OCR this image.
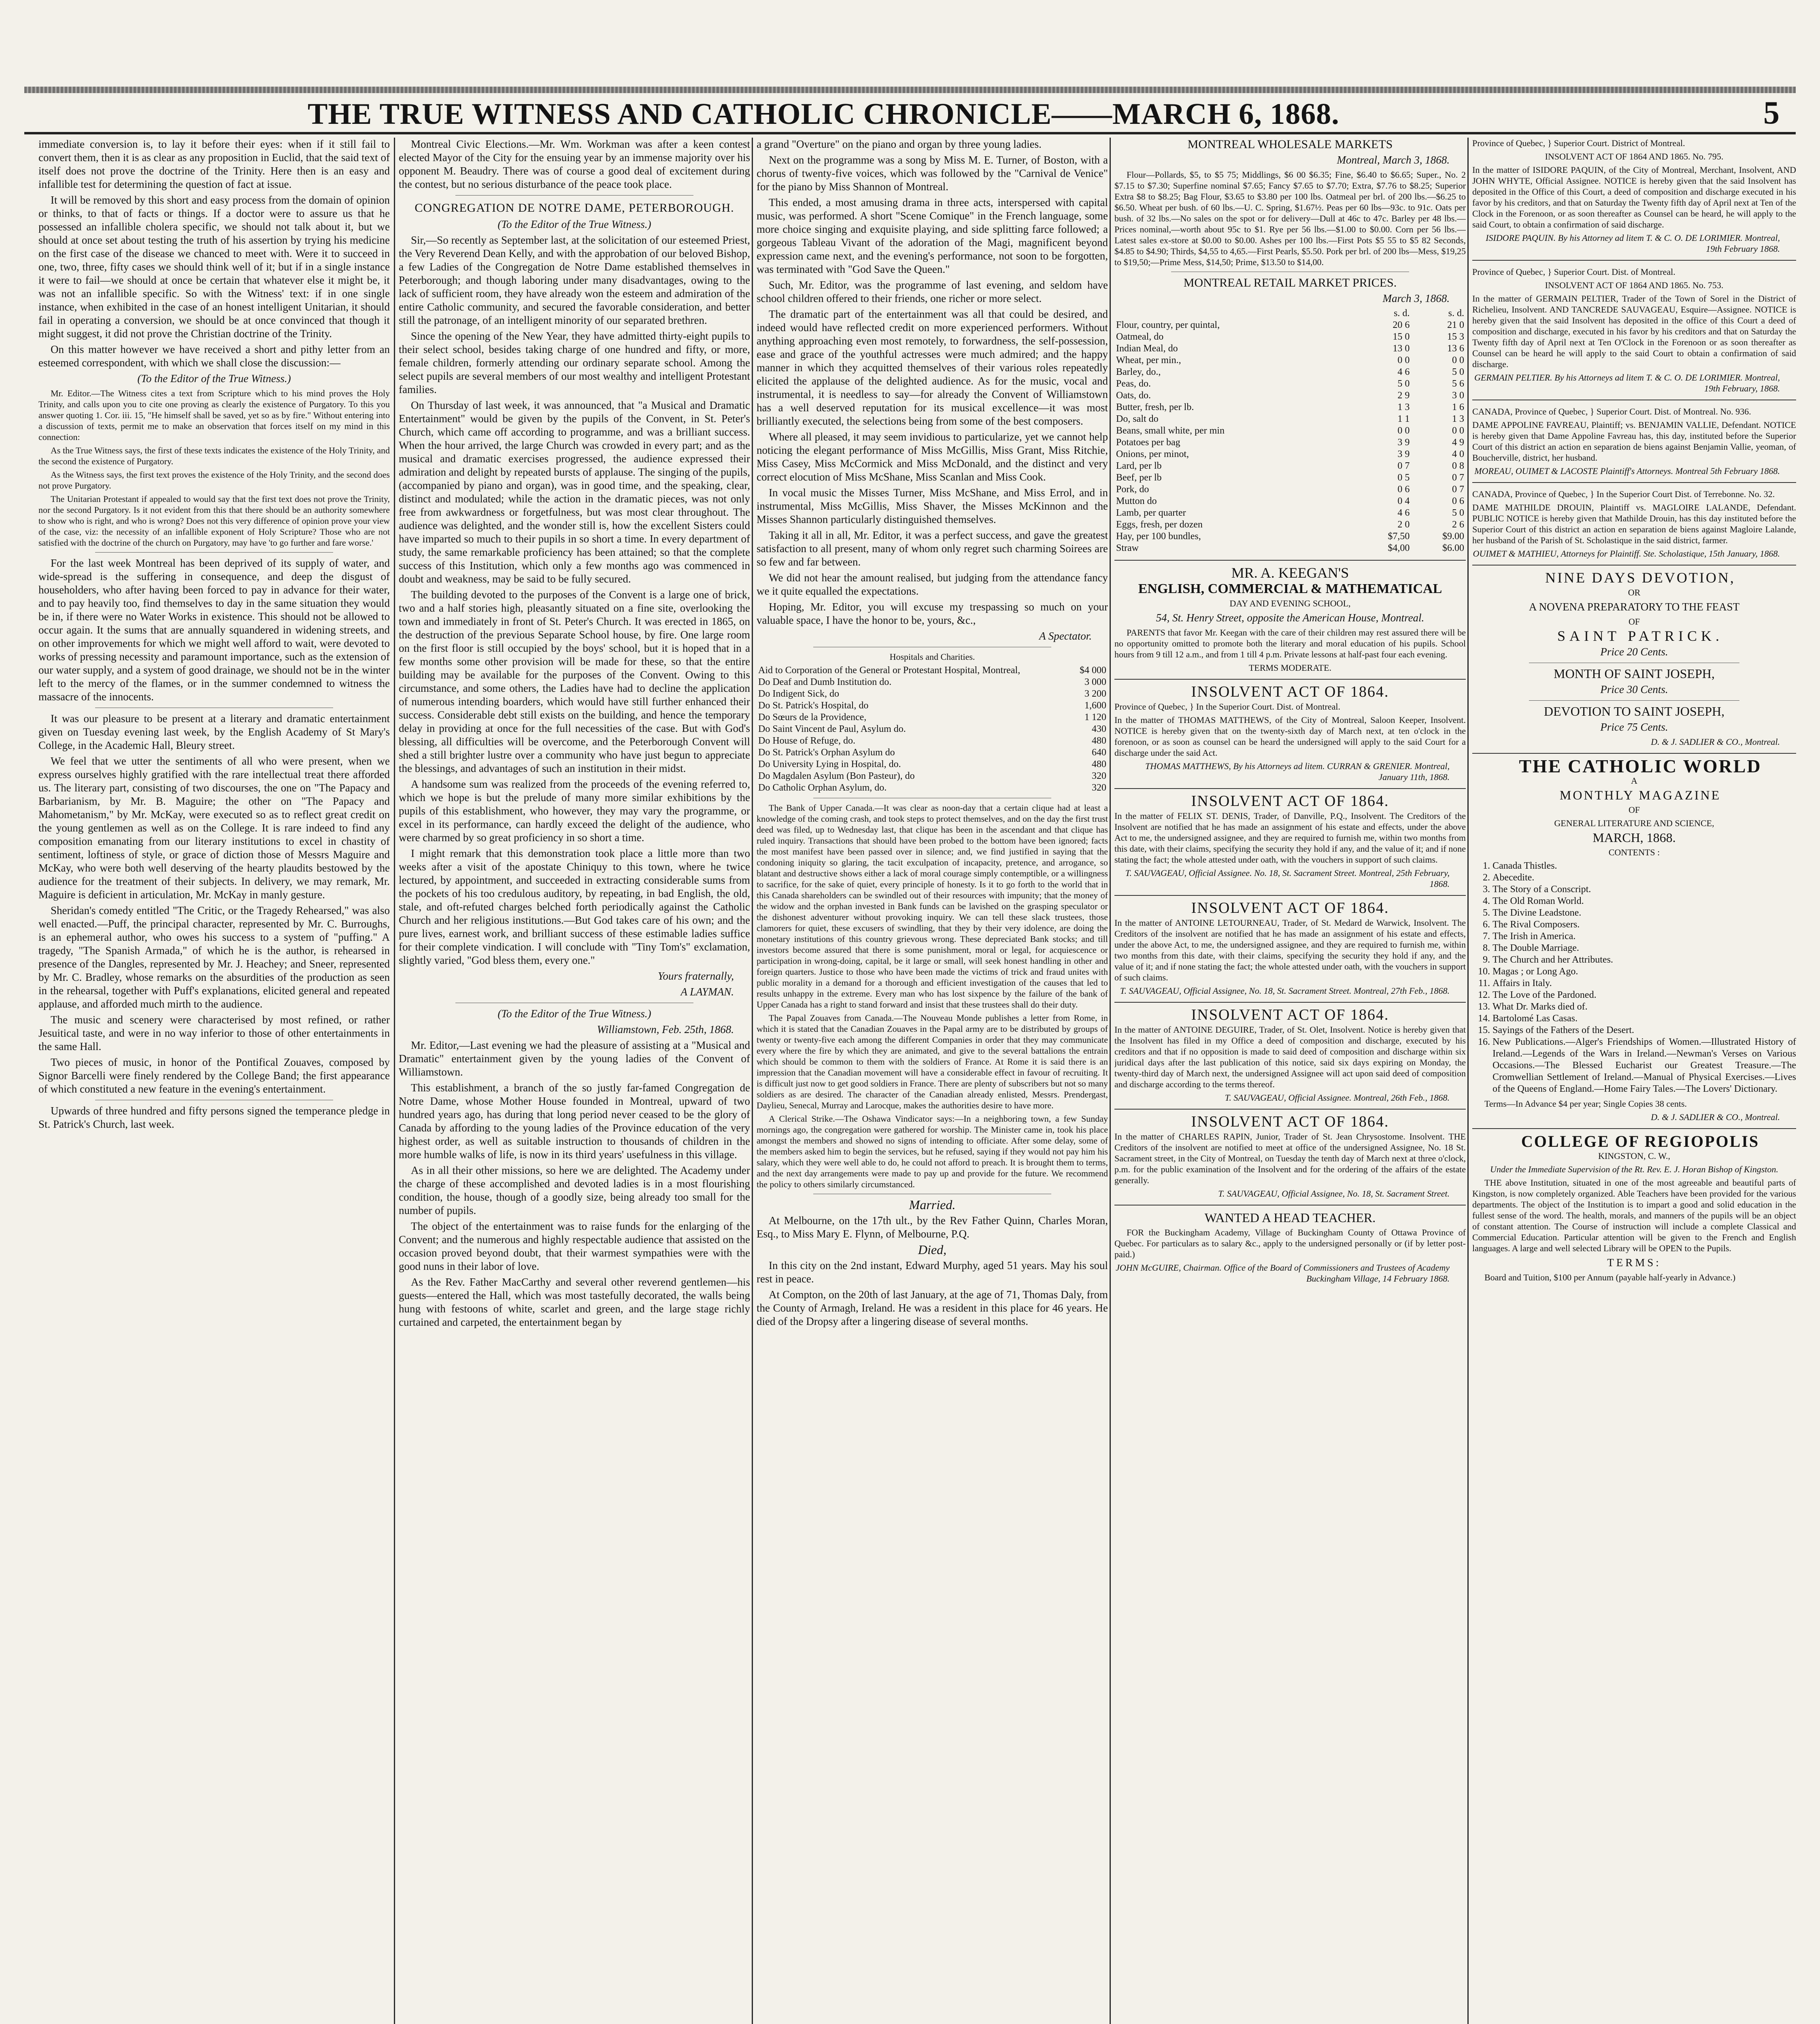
THE TRUE WITNESS AND CATHOLIC CHRONICLE——MARCH 6, 1868.	5

immediate conversion is, to lay it before their eyes: when if it still fail to convert them, then it is as clear as any proposition in Euclid, that the said text of itself does not prove the doctrine of the Trinity. Here then is an easy and infallible test for determining the question of fact at issue.

It will be removed by this short and easy process from the domain of opinion or thinks, to that of facts or things. If a doctor were to assure us that he possessed an infallible cholera specific, we should not talk about it, but we should at once set about testing the truth of his assertion by trying his medicine on the first case of the disease we chanced to meet with. Were it to succeed in one, two, three, fifty cases we should think well of it; but if in a single instance it were to fail—we should at once be certain that whatever else it might be, it was not an infallible specific. So with the Witness' text: if in one single instance, when exhibited in the case of an honest intelligent Unitarian, it should fail in operating a conversion, we should be at once convinced that though it might suggest, it did not prove the Christian doctrine of the Trinity.

On this matter however we have received a short and pithy letter from an esteemed correspondent, with which we shall close the discussion:—

(To the Editor of the True Witness.)

Mr. Editor.—The Witness cites a text from Scripture which to his mind proves the Holy Trinity, and calls upon you to cite one proving as clearly the existence of Purgatory. To this you answer quoting 1. Cor. iii. 15, "He himself shall be saved, yet so as by fire." Without entering into a discussion of texts, permit me to make an observation that forces itself on my mind in this connection:

As the True Witness says, the first of these texts indicates the existence of the Holy Trinity, and the second the existence of Purgatory.

As the Witness says, the first text proves the existence of the Holy Trinity, and the second does not prove Purgatory.

The Unitarian Protestant if appealed to would say that the first text does not prove the Trinity, nor the second Purgatory. Is it not evident from this that there should be an authority somewhere to show who is right, and who is wrong? Does not this very difference of opinion prove your view of the case, viz: the necessity of an infallible exponent of Holy Scripture? Those who are not satisfied with the doctrine of the church on Purgatory, may have 'to go further and fare worse.'

For the last week Montreal has been deprived of its supply of water, and wide-spread is the suffering in consequence, and deep the disgust of householders, who after having been forced to pay in advance for their water, and to pay heavily too, find themselves to day in the same situation they would be in, if there were no Water Works in existence. This should not be allowed to occur again. It the sums that are annually squandered in widening streets, and on other improvements for which we might well afford to wait, were devoted to works of pressing necessity and paramount importance, such as the extension of our water supply, and a system of good drainage, we should not be in the winter left to the mercy of the flames, or in the summer condemned to witness the massacre of the innocents.

It was our pleasure to be present at a literary and dramatic entertainment given on Tuesday evening last week, by the English Academy of St Mary's College, in the Academic Hall, Bleury street.

We feel that we utter the sentiments of all who were present, when we express ourselves highly gratified with the rare intellectual treat there afforded us. The literary part, consisting of two discourses, the one on "The Papacy and Barbarianism, by Mr. B. Maguire; the other on "The Papacy and Mahometanism," by Mr. McKay, were executed so as to reflect great credit on the young gentlemen as well as on the College. It is rare indeed to find any composition emanating from our literary institutions to excel in chastity of sentiment, loftiness of style, or grace of diction those of Messrs Maguire and McKay, who were both well deserving of the hearty plaudits bestowed by the audience for the treatment of their subjects. In delivery, we may remark, Mr. Maguire is deficient in articulation, Mr. McKay in manly gesture.

Sheridan's comedy entitled "The Critic, or the Tragedy Rehearsed," was also well enacted.—Puff, the principal character, represented by Mr. C. Burroughs, is an ephemeral author, who owes his success to a system of "puffing." A tragedy, "The Spanish Armada," of which he is the author, is rehearsed in presence of the Dangles, represented by Mr. J. Heachey; and Sneer, represented by Mr. C. Bradley, whose remarks on the absurdities of the production as seen in the rehearsal, together with Puff's explanations, elicited general and repeated applause, and afforded much mirth to the audience.

The music and scenery were characterised by most refined, or rather Jesuitical taste, and were in no way inferior to those of other entertainments in the same Hall.

Two pieces of music, in honor of the Pontifical Zouaves, composed by Signor Barcelli were finely rendered by the College Band; the first appearance of which constituted a new feature in the evening's entertainment.

Upwards of three hundred and fifty persons signed the temperance pledge in St. Patrick's Church, last week.

Montreal Civic Elections.—Mr. Wm. Workman was after a keen contest elected Mayor of the City for the ensuing year by an immense majority over his opponent M. Beaudry. There was of course a good deal of excitement during the contest, but no serious disturbance of the peace took place.

CONGREGATION DE NOTRE DAME, PETERBOROUGH.

(To the Editor of the True Witness.)

Sir,—So recently as September last, at the solicitation of our esteemed Priest, the Very Reverend Dean Kelly, and with the approbation of our beloved Bishop, a few Ladies of the Congregation de Notre Dame established themselves in Peterborough; and though laboring under many disadvantages, owing to the lack of sufficient room, they have already won the esteem and admiration of the entire Catholic community, and secured the favorable consideration, and better still the patronage, of an intelligent minority of our separated brethren.

Since the opening of the New Year, they have admitted thirty-eight pupils to their select school, besides taking charge of one hundred and fifty, or more, female children, formerly attending our ordinary separate school. Among the select pupils are several members of our most wealthy and intelligent Protestant families.

On Thursday of last week, it was announced, that "a Musical and Dramatic Entertainment" would be given by the pupils of the Convent, in St. Peter's Church, which came off according to programme, and was a brilliant success. When the hour arrived, the large Church was crowded in every part; and as the musical and dramatic exercises progressed, the audience expressed their admiration and delight by repeated bursts of applause. The singing of the pupils, (accompanied by piano and organ), was in good time, and the speaking, clear, distinct and modulated; while the action in the dramatic pieces, was not only free from awkwardness or forgetfulness, but was most clear throughout. The audience was delighted, and the wonder still is, how the excellent Sisters could have imparted so much to their pupils in so short a time. In every department of study, the same remarkable proficiency has been attained; so that the complete success of this Institution, which only a few months ago was commenced in doubt and weakness, may be said to be fully secured.

The building devoted to the purposes of the Convent is a large one of brick, two and a half stories high, pleasantly situated on a fine site, overlooking the town and immediately in front of St. Peter's Church. It was erected in 1865, on the destruction of the previous Separate School house, by fire. One large room on the first floor is still occupied by the boys' school, but it is hoped that in a few months some other provision will be made for these, so that the entire building may be available for the purposes of the Convent. Owing to this circumstance, and some others, the Ladies have had to decline the application of numerous intending boarders, which would have still further enhanced their success. Considerable debt still exists on the building, and hence the temporary delay in providing at once for the full necessities of the case. But with God's blessing, all difficulties will be overcome, and the Peterborough Convent will shed a still brighter lustre over a community who have just begun to appreciate the blessings, and advantages of such an institution in their midst.

A handsome sum was realized from the proceeds of the evening referred to, which we hope is but the prelude of many more similar exhibitions by the pupils of this establishment, who however, they may vary the programme, or excel in its performance, can hardly exceed the delight of the audience, who were charmed by so great proficiency in so short a time.

I might remark that this demonstration took place a little more than two weeks after a visit of the apostate Chiniquy to this town, where he twice lectured, by appointment, and succeeded in extracting considerable sums from the pockets of his too credulous auditory, by repeating, in bad English, the old, stale, and oft-refuted charges belched forth periodically against the Catholic Church and her religious institutions.—But God takes care of his own; and the pure lives, earnest work, and brilliant success of these estimable ladies suffice for their complete vindication. I will conclude with "Tiny Tom's" exclamation, slightly varied, "God bless them, every one."

Yours fraternally,

A LAYMAN.

(To the Editor of the True Witness.)

Williamstown, Feb. 25th, 1868.

Mr. Editor,—Last evening we had the pleasure of assisting at a "Musical and Dramatic" entertainment given by the young ladies of the Convent of Williamstown.

This establishment, a branch of the so justly far-famed Congregation de Notre Dame, whose Mother House founded in Montreal, upward of two hundred years ago, has during that long period never ceased to be the glory of Canada by affording to the young ladies of the Province education of the very highest order, as well as suitable instruction to thousands of children in the more humble walks of life, is now in its third years' usefulness in this village.

As in all their other missions, so here we are delighted. The Academy under the charge of these accomplished and devoted ladies is in a most flourishing condition, the house, though of a goodly size, being already too small for the number of pupils.

The object of the entertainment was to raise funds for the enlarging of the Convent; and the numerous and highly respectable audience that assisted on the occasion proved beyond doubt, that their warmest sympathies were with the good nuns in their labor of love.

As the Rev. Father MacCarthy and several other reverend gentlemen—his guests—entered the Hall, which was most tastefully decorated, the walls being hung with festoons of white, scarlet and green, and the large stage richly curtained and carpeted, the entertainment began by

a grand "Overture" on the piano and organ by three young ladies.

Next on the programme was a song by Miss M. E. Turner, of Boston, with a chorus of twenty-five voices, which was followed by the "Carnival de Venice" for the piano by Miss Shannon of Montreal.

This ended, a most amusing drama in three acts, interspersed with capital music, was performed. A short "Scene Comique" in the French language, some more choice singing and exquisite playing, and side splitting farce followed; a gorgeous Tableau Vivant of the adoration of the Magi, magnificent beyond expression came next, and the evening's performance, not soon to be forgotten, was terminated with "God Save the Queen."

Such, Mr. Editor, was the programme of last evening, and seldom have school children offered to their friends, one richer or more select.

The dramatic part of the entertainment was all that could be desired, and indeed would have reflected credit on more experienced performers. Without anything approaching even most remotely, to forwardness, the self-possession, ease and grace of the youthful actresses were much admired; and the happy manner in which they acquitted themselves of their various roles repeatedly elicited the applause of the delighted audience. As for the music, vocal and instrumental, it is needless to say—for already the Convent of Williamstown has a well deserved reputation for its musical excellence—it was most brilliantly executed, the selections being from some of the best composers.

Where all pleased, it may seem invidious to particularize, yet we cannot help noticing the elegant performance of Miss McGillis, Miss Grant, Miss Ritchie, Miss Casey, Miss McCormick and Miss McDonald, and the distinct and very correct elocution of Miss McShane, Miss Scanlan and Miss Cook.

In vocal music the Misses Turner, Miss McShane, and Miss Errol, and in instrumental, Miss McGillis, Miss Shaver, the Misses McKinnon and the Misses Shannon particularly distinguished themselves.

Taking it all in all, Mr. Editor, it was a perfect success, and gave the greatest satisfaction to all present, many of whom only regret such charming Soirees are so few and far between.

We did not hear the amount realised, but judging from the attendance fancy we it quite equalled the expectations.

Hoping, Mr. Editor, you will excuse my trespassing so much on your valuable space, I have the honor to be, yours, &c.,

A Spectator.

Hospitals and Charities.

Aid to Corporation of the General or Protestant Hospital, Montreal,	$4 000
Do Deaf and Dumb Institution do.	3 000
Do Indigent Sick, do	3 200
Do St. Patrick's Hospital, do	1,600
Do Sœurs de la Providence,	1 120
Do Saint Vincent de Paul, Asylum do.	430
Do House of Refuge, do.	480
Do St. Patrick's Orphan Asylum do	640
Do University Lying in Hospital, do.	480
Do Magdalen Asylum (Bon Pasteur), do	320
Do Catholic Orphan Asylum, do.	320

The Bank of Upper Canada.—It was clear as noon-day that a certain clique had at least a knowledge of the coming crash, and took steps to protect themselves, and on the day the first trust deed was filed, up to Wednesday last, that clique has been in the ascendant and that clique has ruled inquiry. Transactions that should have been probed to the bottom have been ignored; facts the most manifest have been passed over in silence; and, we find justified in saying that the condoning iniquity so glaring, the tacit exculpation of incapacity, pretence, and arrogance, so blatant and destructive shows either a lack of moral courage simply contemptible, or a willingness to sacrifice, for the sake of quiet, every principle of honesty. Is it to go forth to the world that in this Canada shareholders can be swindled out of their resources with impunity; that the money of the widow and the orphan invested in Bank funds can be lavished on the grasping speculator or the dishonest adventurer without provoking inquiry. We can tell these slack trustees, those clamorers for quiet, these excusers of swindling, that they by their very idolence, are doing the monetary institutions of this country grievous wrong. These depreciated Bank stocks; and till investors become assured that there is some punishment, moral or legal, for acquiescence or participation in wrong-doing, capital, be it large or small, will seek honest handling in other and foreign quarters. Justice to those who have been made the victims of trick and fraud unites with public morality in a demand for a thorough and efficient investigation of the causes that led to results unhappy in the extreme. Every man who has lost sixpence by the failure of the bank of Upper Canada has a right to stand forward and insist that these trustees shall do their duty.

The Papal Zouaves from Canada.—The Nouveau Monde publishes a letter from Rome, in which it is stated that the Canadian Zouaves in the Papal army are to be distributed by groups of twenty or twenty-five each among the different Companies in order that they may communicate every where the fire by which they are animated, and give to the several battalions the entrain which should be common to them with the soldiers of France. At Rome it is said there is an impression that the Canadian movement will have a considerable effect in favour of recruiting. It is difficult just now to get good soldiers in France. There are plenty of subscribers but not so many soldiers as are desired. The character of the Canadian already enlisted, Messrs. Prendergast, Daylieu, Senecal, Murray and Larocque, makes the authorities desire to have more.

A Clerical Strike.—The Oshawa Vindicator says:—In a neighboring town, a few Sunday mornings ago, the congregation were gathered for worship. The Minister came in, took his place amongst the members and showed no signs of intending to officiate. After some delay, some of the members asked him to begin the services, but he refused, saying if they would not pay him his salary, which they were well able to do, he could not afford to preach. It is brought them to terms, and the next day arrangements were made to pay up and provide for the future. We recommend the policy to others similarly circumstanced.

Married.

At Melbourne, on the 17th ult., by the Rev Father Quinn, Charles Moran, Esq., to Miss Mary E. Flynn, of Melbourne, P.Q.

Died,

In this city on the 2nd instant, Edward Murphy, aged 51 years. May his soul rest in peace.

At Compton, on the 20th of last January, at the age of 71, Thomas Daly, from the County of Armagh, Ireland. He was a resident in this place for 46 years. He died of the Dropsy after a lingering disease of several months.

MONTREAL WHOLESALE MARKETS

Montreal, March 3, 1868.

Flour—Pollards, $5, to $5 75; Middlings, $6 00 $6.35; Fine, $6.40 to $6.65; Super., No. 2 $7.15 to $7.30; Superfine nominal $7.65; Fancy $7.65 to $7.70; Extra, $7.76 to $8.25; Superior Extra $8 to $8.25; Bag Flour, $3.65 to $3.80 per 100 lbs. Oatmeal per brl. of 200 lbs.—$6.25 to $6.50. Wheat per bush. of 60 lbs.—U. C. Spring, $1.67½. Peas per 60 lbs—93c. to 91c. Oats per bush. of 32 lbs.—No sales on the spot or for delivery—Dull at 46c to 47c. Barley per 48 lbs.—Prices nominal,—worth about 95c to $1. Rye per 56 lbs.—$1.00 to $0.00. Corn per 56 lbs.—Latest sales ex-store at $0.00 to $0.00. Ashes per 100 lbs.—First Pots $5 55 to $5 82 Seconds, $4.85 to $4.90; Thirds, $4,55 to 4,65.—First Pearls, $5.50. Pork per brl. of 200 lbs—Mess, $19,25 to $19,50;—Prime Mess, $14,50; Prime, $13.50 to $14,00.

MONTREAL RETAIL MARKET PRICES.

March 3, 1868.

	s. d.	s. d.
Flour, country, per quintal,	20 6	21 0
Oatmeal, do	15 0	15 3
Indian Meal, do	13 0	13 6
Wheat, per min.,	0 0	0 0
Barley, do.,	4 6	5 0
Peas, do.	5 0	5 6
Oats, do.	2 9	3 0
Butter, fresh, per lb.	1 3	1 6
Do, salt do	1 1	1 3
Beans, small white, per min	0 0	0 0
Potatoes per bag	3 9	4 9
Onions, per minot,	3 9	4 0
Lard, per lb	0 7	0 8
Beef, per lb	0 5	0 7
Pork, do	0 6	0 7
Mutton do	0 4	0 6
Lamb, per quarter	4 6	5 0
Eggs, fresh, per dozen	2 0	2 6
Hay, per 100 bundles,	$7,50	$9.00
Straw	$4,00	$6.00

MR. A. KEEGAN'S

ENGLISH, COMMERCIAL & MATHEMATICAL

DAY AND EVENING SCHOOL,

54, St. Henry Street, opposite the American House, Montreal.

PARENTS that favor Mr. Keegan with the care of their children may rest assured there will be no opportunity omitted to promote both the literary and moral education of his pupils. School hours from 9 till 12 a.m., and from 1 till 4 p.m. Private lessons at half-past four each evening.

TERMS MODERATE.

INSOLVENT ACT OF 1864.

Province of Quebec, } In the Superior Court. Dist. of Montreal.

In the matter of THOMAS MATTHEWS, of the City of Montreal, Saloon Keeper, Insolvent. NOTICE is hereby given that on the twenty-sixth day of March next, at ten o'clock in the forenoon, or as soon as counsel can be heard the undersigned will apply to the said Court for a discharge under the said Act.

THOMAS MATTHEWS, By his Attorneys ad litem. CURRAN & GRENIER. Montreal, January 11th, 1868.

INSOLVENT ACT OF 1864.

In the matter of FELIX ST. DENIS, Trader, of Danville, P.Q., Insolvent. The Creditors of the Insolvent are notified that he has made an assignment of his estate and effects, under the above Act to me, the undersigned assignee, and they are required to furnish me, within two months from this date, with their claims, specifying the security they hold if any, and the value of it; and if none stating the fact; the whole attested under oath, with the vouchers in support of such claims.

T. SAUVAGEAU, Official Assignee. No. 18, St. Sacrament Street. Montreal, 25th February, 1868.

INSOLVENT ACT OF 1864.

In the matter of ANTOINE LETOURNEAU, Trader, of St. Medard de Warwick, Insolvent. The Creditors of the insolvent are notified that he has made an assignment of his estate and effects, under the above Act, to me, the undersigned assignee, and they are required to furnish me, within two months from this date, with their claims, specifying the security they hold if any, and the value of it; and if none stating the fact; the whole attested under oath, with the vouchers in support of such claims.

T. SAUVAGEAU, Official Assignee, No. 18, St. Sacrament Street. Montreal, 27th Feb., 1868.

INSOLVENT ACT OF 1864.

In the matter of ANTOINE DEGUIRE, Trader, of St. Olet, Insolvent. Notice is hereby given that the Insolvent has filed in my Office a deed of composition and discharge, executed by his creditors and that if no opposition is made to said deed of composition and discharge within six juridical days after the last publication of this notice, said six days expiring on Monday, the twenty-third day of March next, the undersigned Assignee will act upon said deed of composition and discharge according to the terms thereof.

T. SAUVAGEAU, Official Assignee. Montreal, 26th Feb., 1868.

INSOLVENT ACT OF 1864.

In the matter of CHARLES RAPIN, Junior, Trader of St. Jean Chrysostome. Insolvent. THE Creditors of the insolvent are notified to meet at office of the undersigned Assignee, No. 18 St. Sacrament street, in the City of Montreal, on Tuesday the tenth day of March next at three o'clock, p.m. for the public examination of the Insolvent and for the ordering of the affairs of the estate generally.

T. SAUVAGEAU, Official Assignee, No. 18, St. Sacrament Street.

WANTED A HEAD TEACHER.

FOR the Buckingham Academy, Village of Buckingham County of Ottawa Province of Quebec. For particulars as to salary &c., apply to the undersigned personally or (if by letter post-paid.)

JOHN McGUIRE, Chairman. Office of the Board of Commissioners and Trustees of Academy Buckingham Village, 14 February 1868.

Province of Quebec, } Superior Court. District of Montreal.

INSOLVENT ACT OF 1864 AND 1865. No. 795.

In the matter of ISIDORE PAQUIN, of the City of Montreal, Merchant, Insolvent, AND JOHN WHYTE, Official Assignee. NOTICE is hereby given that the said Insolvent has deposited in the Office of this Court, a deed of composition and discharge executed in his favor by his creditors, and that on Saturday the Twenty fifth day of April next at Ten of the Clock in the Forenoon, or as soon thereafter as Counsel can be heard, he will apply to the said Court, to obtain a confirmation of said discharge.

ISIDORE PAQUIN. By his Attorney ad litem T. & C. O. DE LORIMIER. Montreal, 19th February 1868.

Province of Quebec, } Superior Court. Dist. of Montreal.

INSOLVENT ACT OF 1864 AND 1865. No. 753.

In the matter of GERMAIN PELTIER, Trader of the Town of Sorel in the District of Richelieu, Insolvent. AND TANCREDE SAUVAGEAU, Esquire—Assignee. NOTICE is hereby given that the said Insolvent has deposited in the office of this Court a deed of composition and discharge, executed in his favor by his creditors and that on Saturday the Twenty fifth day of April next at Ten O'Clock in the Forenoon or as soon thereafter as Counsel can be heard he will apply to the said Court to obtain a confirmation of said discharge.

GERMAIN PELTIER. By his Attorneys ad litem T. & C. O. DE LORIMIER. Montreal, 19th February, 1868.

CANADA, Province of Quebec, } Superior Court. Dist. of Montreal. No. 936.

DAME APPOLINE FAVREAU, Plaintiff; vs. BENJAMIN VALLIE, Defendant. NOTICE is hereby given that Dame Appoline Favreau has, this day, instituted before the Superior Court of this district an action en separation de biens against Benjamin Vallie, yeoman, of Boucherville, district, her husband.

MOREAU, OUIMET & LACOSTE Plaintiff's Attorneys. Montreal 5th February 1868.

CANADA, Province of Quebec, } In the Superior Court Dist. of Terrebonne. No. 32.

DAME MATHILDE DROUIN, Plaintiff vs. MAGLOIRE LALANDE, Defendant. PUBLIC NOTICE is hereby given that Mathilde Drouin, has this day instituted before the Superior Court of this district an action en separation de biens against Magloire Lalande, her husband of the Parish of St. Scholastique in the said district, farmer.

OUIMET & MATHIEU, Attorneys for Plaintiff. Ste. Scholastique, 15th January, 1868.

NINE DAYS DEVOTION,

OR

A NOVENA PREPARATORY TO THE FEAST

OF

SAINT PATRICK.

Price 20 Cents.

MONTH OF SAINT JOSEPH,

Price 30 Cents.

DEVOTION TO SAINT JOSEPH,

Price 75 Cents.

D. & J. SADLIER & CO., Montreal.

THE CATHOLIC WORLD

A

MONTHLY MAGAZINE

OF

GENERAL LITERATURE AND SCIENCE,

MARCH, 1868.

CONTENTS :

1. Canada Thistles.
2. Abecedite.
3. The Story of a Conscript.
4. The Old Roman World.
5. The Divine Leadstone.
6. The Rival Composers.
7. The Irish in America.
8. The Double Marriage.
9. The Church and her Attributes.
10. Magas ; or Long Ago.
11. Affairs in Italy.
12. The Love of the Pardoned.
13. What Dr. Marks died of.
14. Bartolomé Las Casas.
15. Sayings of the Fathers of the Desert.
16. New Publications.—Alger's Friendships of Women.—Illustrated History of Ireland.—Legends of the Wars in Ireland.—Newman's Verses on Various Occasions.—The Blessed Eucharist our Greatest Treasure.—The Cromwellian Settlement of Ireland.—Manual of Physical Exercises.—Lives of the Queens of England.—Home Fairy Tales.—The Lovers' Dictionary.

Terms—In Advance $4 per year; Single Copies 38 cents.

D. & J. SADLIER & CO., Montreal.

COLLEGE OF REGIOPOLIS

KINGSTON, C. W.,

Under the Immediate Supervision of the Rt. Rev. E. J. Horan Bishop of Kingston.

THE above Institution, situated in one of the most agreeable and beautiful parts of Kingston, is now completely organized. Able Teachers have been provided for the various departments. The object of the Institution is to impart a good and solid education in the fullest sense of the word. The health, morals, and manners of the pupils will be an object of constant attention. The Course of instruction will include a complete Classical and Commercial Education. Particular attention will be given to the French and English languages. A large and well selected Library will be OPEN to the Pupils.

TERMS:

Board and Tuition, $100 per Annum (payable half-yearly in Advance.)
